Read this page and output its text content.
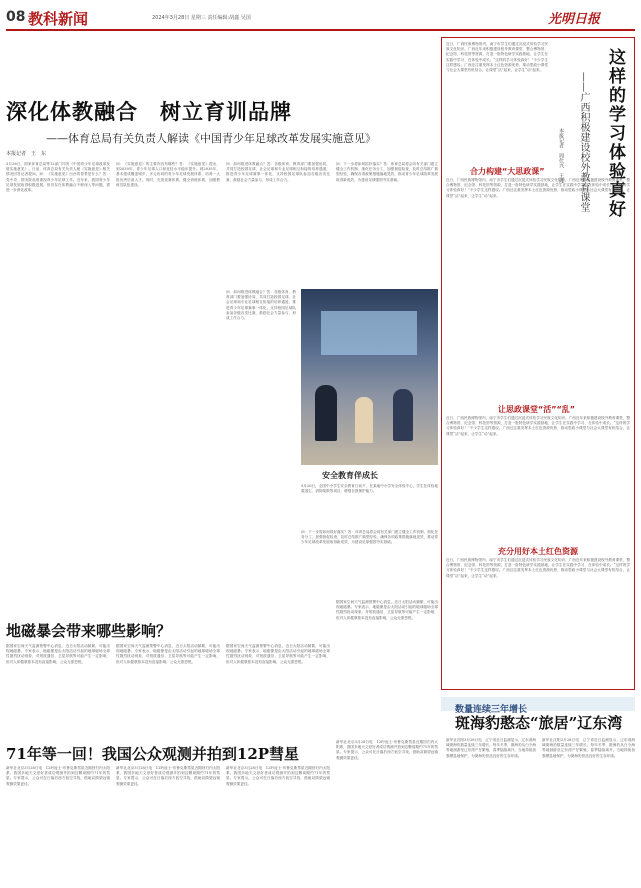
08 教科新闻	2024年3月28日 星期三 责任编辑:胡鑫 吴国	光明日报
深化体教融合　树立育训品牌
——体育总局有关负责人解读《中国青少年足球改革发展实施意见》
本报记者　王　东
3月28日，国家体育总局等12部门印发《中国青少年足球改革发展实施意见》。日前，体育总局有关负责人就《实施意见》相关情况回答记者提问。问：《实施意见》出台的背景是什么？答：党中央、国务院高度重视青少年足球工作。近年来，我国青少年足球发展取得积极进展，但仍存在体教融合不够深入等问题，需进一步深化改革。
问：《实施意见》的主要内容有哪些？答：《实施意见》提出，到2030年，青少年足球人口和竞技水平稳步提升。到2035年，基本建成覆盖城乡、多元协同的青少年足球发展体系，培养一大批优秀后备人才。同时，完善竞赛体系，健全训练体系，加强教练员队伍建设。
问：如何推进体教融合？答：各级体育、教育部门要加强协同，共同打造校园足球、社会足球和专业足球相互衔接的培养通道，推进青少年足球赛事一体化，支持校园足球队参加各级各类比赛，鼓励社会力量参与，形成工作合力。
问：下一步将如何抓好落实？答：体育总局将会同有关部门建立健全工作机制，细化任务分工，加强督促检查，及时总结推广典型经验，确保各项政策措施落地见效，推动青少年足球改革发展取得新成效，为建设足球强国夯实基础。
问：如何推进体教融合？答：各级体育、教育部门要加强协同，共同打造校园足球、社会足球和专业足球相互衔接的培养通道，推进青少年足球赛事一体化，支持校园足球队参加各级各类比赛，鼓励社会力量参与，形成工作合力。
安全教育伴成长
3月26日，全国中小学生安全教育日前夕，在某地中小学安全体验中心，学生在体验地震逃生、消防疏散等项目，增强自我保护能力。
问：下一步将如何抓好落实？答：体育总局将会同有关部门建立健全工作机制，细化任务分工，加强督促检查，及时总结推广典型经验，确保各项政策措施落地见效，推动青少年足球改革发展取得新成效，为建设足球强国夯实基础。
地磁暴会带来哪些影响？
据国家空间天气监测预警中心消息，近日太阳活动频繁，可能出现地磁暴。专家表示，地磁暴是由太阳活动引起的地球磁场全球性剧烈扰动现象，对短波通信、卫星导航等可能产生一定影响，但对人体健康基本没有直接影响，公众无需恐慌。
据国家空间天气监测预警中心消息，近日太阳活动频繁，可能出现地磁暴。专家表示，地磁暴是由太阳活动引起的地球磁场全球性剧烈扰动现象，对短波通信、卫星导航等可能产生一定影响，但对人体健康基本没有直接影响，公众无需恐慌。
据国家空间天气监测预警中心消息，近日太阳活动频繁，可能出现地磁暴。专家表示，地磁暴是由太阳活动引起的地球磁场全球性剧烈扰动现象，对短波通信、卫星导航等可能产生一定影响，但对人体健康基本没有直接影响，公众无需恐慌。
据国家空间天气监测预警中心消息，近日太阳活动频繁，可能出现地磁暴。专家表示，地磁暴是由太阳活动引起的地球磁场全球性剧烈扰动现象，对短波通信、卫星导航等可能产生一定影响，但对人体健康基本没有直接影响，公众无需恐慌。
71年等一回！我国公众观测并拍到12P彗星
新华社北京3月28日电　12P/庞士-布鲁克斯彗星近期回归内太阳系，我国多地天文爱好者成功观测并拍到这颗周期约71年的彗星。专家提示，公众可在日落后西方低空寻找，借助双筒望远镜观测效果更佳。
新华社北京3月28日电　12P/庞士-布鲁克斯彗星近期回归内太阳系，我国多地天文爱好者成功观测并拍到这颗周期约71年的彗星。专家提示，公众可在日落后西方低空寻找，借助双筒望远镜观测效果更佳。
新华社北京3月28日电　12P/庞士-布鲁克斯彗星近期回归内太阳系，我国多地天文爱好者成功观测并拍到这颗周期约71年的彗星。专家提示，公众可在日落后西方低空寻找，借助双筒望远镜观测效果更佳。
新华社北京3月28日电　12P/庞士-布鲁克斯彗星近期回归内太阳系，我国多地天文爱好者成功观测并拍到这颗周期约71年的彗星。专家提示，公众可在日落后西方低空寻找，借助双筒望远镜观测效果更佳。
这样的学习体验真好
——广西积极建设校外教育课堂
本报记者　周仕兴　王瑾
近日，广西民族博物馆内，南宁市学生们通过沉浸式体验学习民族文化知识。广西近年来积极建设校外教育课堂，整合博物馆、纪念馆、科技馆等资源，打造一批特色研学实践基地，让学生在实践中学习、在体验中成长。“这样的学习体验真好！”不少学生这样感叹。广西还注重发挥本土红色资源优势，推动思政小课堂与社会大课堂有机结合，让课堂“活”起来，让学生“动”起来。
合力构建“大思政课”
近日，广西民族博物馆内，南宁市学生们通过沉浸式体验学习民族文化知识。广西近年来积极建设校外教育课堂，整合博物馆、纪念馆、科技馆等资源，打造一批特色研学实践基地，让学生在实践中学习、在体验中成长。“这样的学习体验真好！”不少学生这样感叹。广西还注重发挥本土红色资源优势，推动思政小课堂与社会大课堂有机结合，让课堂“活”起来，让学生“动”起来。
让思政课堂“活”“乱”
近日，广西民族博物馆内，南宁市学生们通过沉浸式体验学习民族文化知识。广西近年来积极建设校外教育课堂，整合博物馆、纪念馆、科技馆等资源，打造一批特色研学实践基地，让学生在实践中学习、在体验中成长。“这样的学习体验真好！”不少学生这样感叹。广西还注重发挥本土红色资源优势，推动思政小课堂与社会大课堂有机结合，让课堂“活”起来，让学生“动”起来。
充分用好本土红色资源
近日，广西民族博物馆内，南宁市学生们通过沉浸式体验学习民族文化知识。广西近年来积极建设校外教育课堂，整合博物馆、纪念馆、科技馆等资源，打造一批特色研学实践基地，让学生在实践中学习、在体验中成长。“这样的学习体验真好！”不少学生这样感叹。广西还注重发挥本土红色资源优势，推动思政小课堂与社会大课堂有机结合，让课堂“活”起来，让学生“动”起来。
数量连续三年增长
斑海豹憨态“旅居”辽东湾
新华社沈阳3月28日电　辽宁省近日监测显示，辽东湾海域斑海豹数量连续三年增长。每年冬季，斑海豹从白令海等地洄游至辽东湾产仔繁殖，春季陆续离开。当地持续加强栖息地保护，为斑海豹营造良好的生存环境。
新华社沈阳3月28日电　辽宁省近日监测显示，辽东湾海域斑海豹数量连续三年增长。每年冬季，斑海豹从白令海等地洄游至辽东湾产仔繁殖，春季陆续离开。当地持续加强栖息地保护，为斑海豹营造良好的生存环境。
